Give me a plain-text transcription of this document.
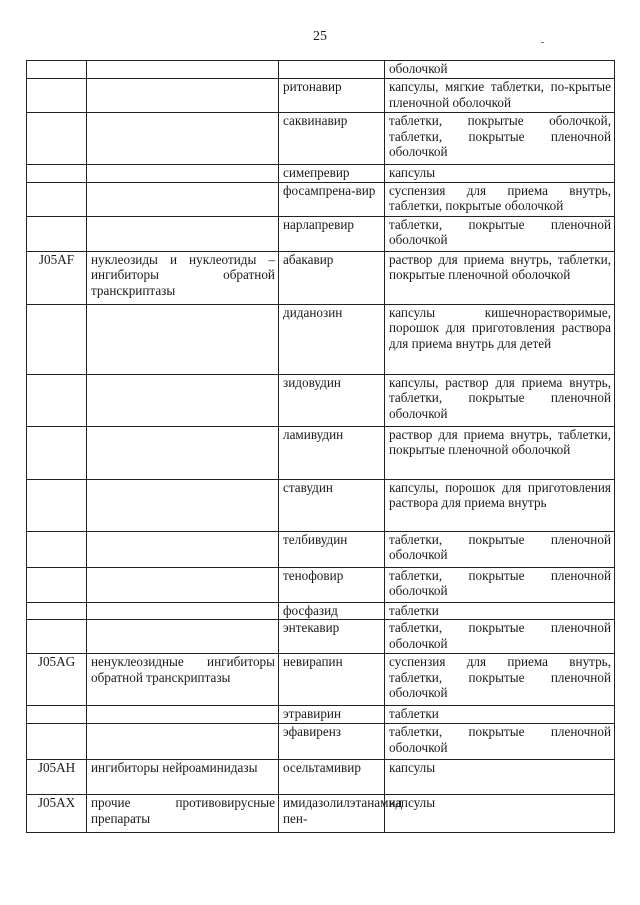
25
			оболочкой
		ритонавир	капсулы, мягкие таблетки, по-крытые пленочной оболочкой
		саквинавир	таблетки, покрытые оболочкой, таблетки, покрытые пленочной оболочкой
		симепревир	капсулы
		фосампрена-вир	суспензия для приема внутрь, таблетки, покрытые оболочкой
		нарлапревир	таблетки, покрытые пленочной оболочкой
J05AF	нуклеозиды и нуклеотиды – ингибиторы обратной транскриптазы	абакавир	раствор для приема внутрь, таблетки, покрытые пленочной оболочкой
		диданозин	капсулы кишечнорастворимые, порошок для приготовления раствора для приема внутрь для детей
		зидовудин	капсулы, раствор для приема внутрь, таблетки, покрытые пленочной оболочкой
		ламивудин	раствор для приема внутрь, таблетки, покрытые пленочной оболочкой
		ставудин	капсулы, порошок для приготовления раствора для приема внутрь
		телбивудин	таблетки, покрытые пленочной оболочкой
		тенофовир	таблетки, покрытые пленочной оболочкой
		фосфазид	таблетки
		энтекавир	таблетки, покрытые пленочной оболочкой
J05AG	ненуклеозидные ингибиторы обратной транскриптазы	невирапин	суспензия для приема внутрь, таблетки, покрытые пленочной оболочкой
		этравирин	таблетки
		эфавиренз	таблетки, покрытые пленочной оболочкой
J05AH	ингибиторы нейроаминидазы	осельтамивир	капсулы
J05AX	прочие противовирусные препараты	имидазолилэтанамид пен-	капсулы
